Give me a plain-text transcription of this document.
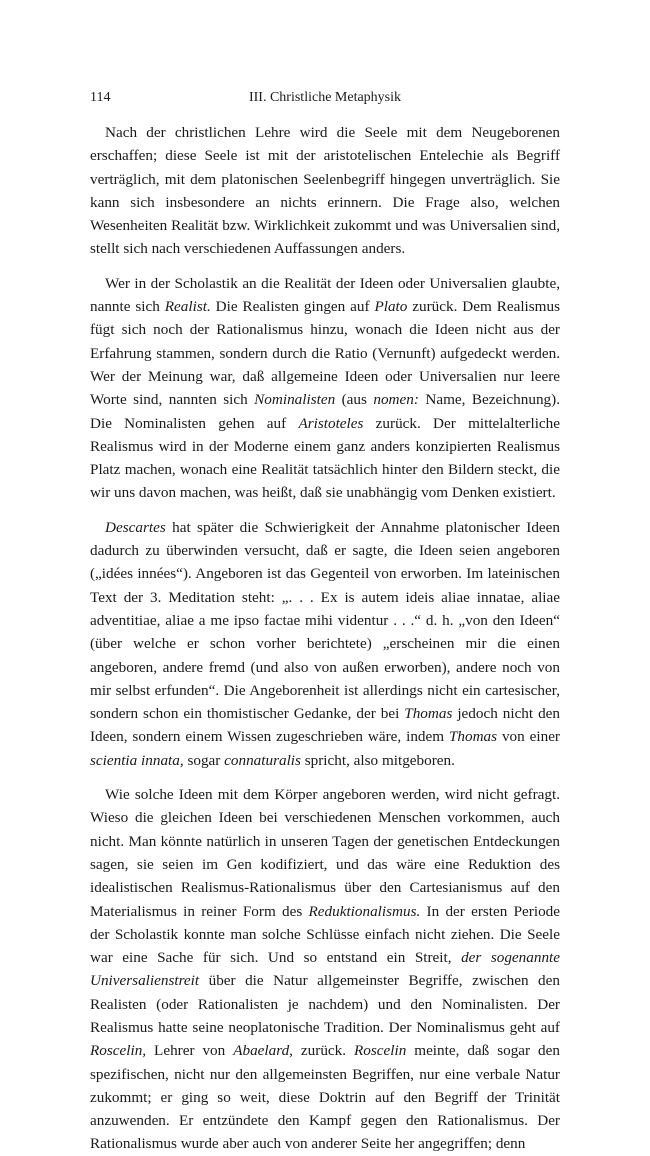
114	III. Christliche Metaphysik

Nach der christlichen Lehre wird die Seele mit dem Neugeborenen erschaffen; diese Seele ist mit der aristotelischen Entelechie als Begriff verträglich, mit dem platonischen Seelenbegriff hingegen unverträglich. Sie kann sich insbesondere an nichts erinnern. Die Frage also, welchen Wesenheiten Realität bzw. Wirklichkeit zukommt und was Universalien sind, stellt sich nach verschiedenen Auffassungen anders.

Wer in der Scholastik an die Realität der Ideen oder Universalien glaubte, nannte sich Realist. Die Realisten gingen auf Plato zurück. Dem Realismus fügt sich noch der Rationalismus hinzu, wonach die Ideen nicht aus der Erfahrung stammen, sondern durch die Ratio (Vernunft) aufgedeckt werden. Wer der Meinung war, daß allgemeine Ideen oder Universalien nur leere Worte sind, nannten sich Nominalisten (aus nomen: Name, Bezeichnung). Die Nominalisten gehen auf Aristoteles zurück. Der mittelalterliche Realismus wird in der Moderne einem ganz anders konzipierten Realismus Platz machen, wonach eine Realität tatsächlich hinter den Bildern steckt, die wir uns davon machen, was heißt, daß sie unabhängig vom Denken existiert.

Descartes hat später die Schwierigkeit der Annahme platonischer Ideen dadurch zu überwinden versucht, daß er sagte, die Ideen seien angeboren („idées innées“). Angeboren ist das Gegenteil von erworben. Im lateinischen Text der 3. Meditation steht: „. . . Ex is autem ideis aliae innatae, aliae adventitiae, aliae a me ipso factae mihi videntur . . .“ d. h. „von den Ideen“ (über welche er schon vorher berichtete) „erscheinen mir die einen angeboren, andere fremd (und also von außen erworben), andere noch von mir selbst erfunden“. Die Angeborenheit ist allerdings nicht ein cartesischer, sondern schon ein thomistischer Gedanke, der bei Thomas jedoch nicht den Ideen, sondern einem Wissen zugeschrieben wäre, indem Thomas von einer scientia innata, sogar connaturalis spricht, also mitgeboren.

Wie solche Ideen mit dem Körper angeboren werden, wird nicht gefragt. Wieso die gleichen Ideen bei verschiedenen Menschen vorkommen, auch nicht. Man könnte natürlich in unseren Tagen der genetischen Entdeckungen sagen, sie seien im Gen kodifiziert, und das wäre eine Reduktion des idealistischen Realismus-Rationalismus über den Cartesianismus auf den Materialismus in reiner Form des Reduktionalismus. In der ersten Periode der Scholastik konnte man solche Schlüsse einfach nicht ziehen. Die Seele war eine Sache für sich. Und so entstand ein Streit, der sogenannte Universalienstreit über die Natur allgemeinster Begriffe, zwischen den Realisten (oder Rationalisten je nachdem) und den Nominalisten. Der Realismus hatte seine neoplatonische Tradition. Der Nominalismus geht auf Roscelin, Lehrer von Abaelard, zurück. Roscelin meinte, daß sogar den spezifischen, nicht nur den allgemeinsten Begriffen, nur eine verbale Natur zukommt; er ging so weit, diese Doktrin auf den Begriff der Trinität anzuwenden. Er entzündete den Kampf gegen den Rationalismus. Der Rationalismus wurde aber auch von anderer Seite her angegriffen; denn
